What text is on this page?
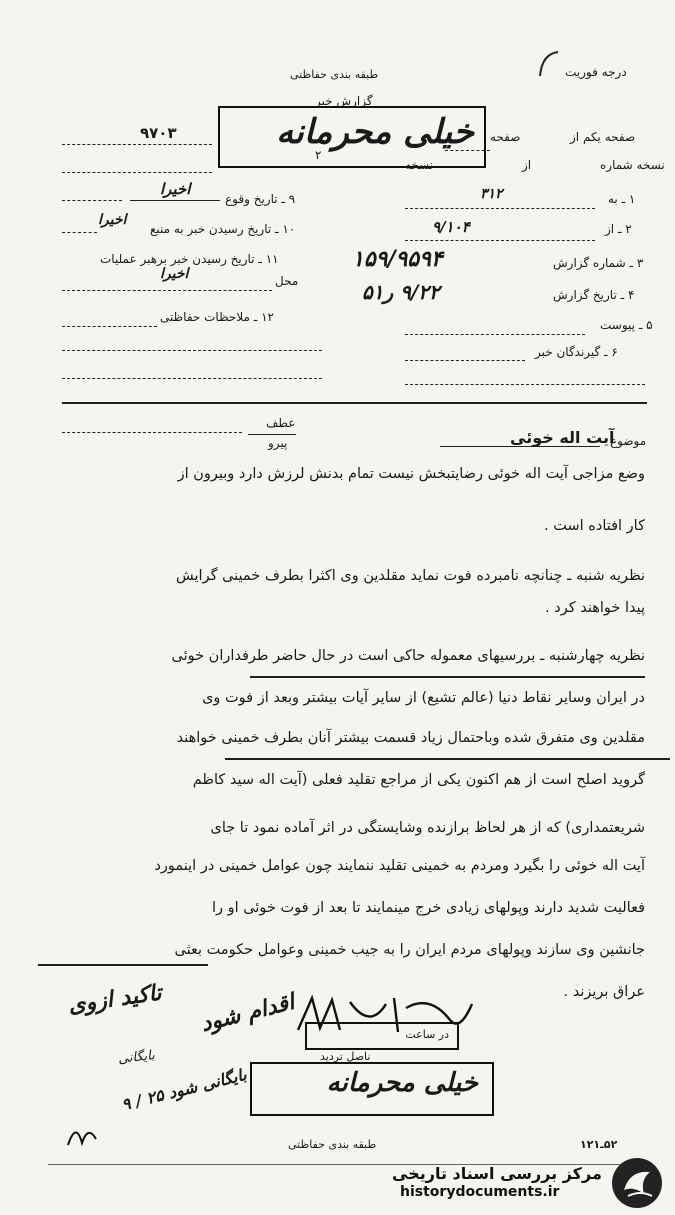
درجه فوریت
طبقه بندی حفاظتی
گزارش خبر
خیلی محرمانه	صفحه یکم از
صفحه
نسخه شماره
از
نسخه
۲
۹۷۰۳
۱ ـ به
۳۱۲
۲ ـ از
۹/۱۰۴
۳ ـ شماره گزارش
۱۵۹/۹۵۹۴
۴ ـ تاریخ گزارش
۹/۲۲ ر۵۱
۵ ـ پیوست
۶ ـ گیرندگان خبر
۹ ـ تاریخ وقوع
اخیرا
۱۰ ـ تاریخ رسیدن خبر به منبع
اخیرا
۱۱ ـ تاریخ رسیدن خبر برهبر عملیات
محل
اخیرا
۱۲ ـ ملاحظات حفاظتی
عطف
پیرو	موضوع
آیت اله خوئی
وضع مزاجی آیت اله خوئی رضایتبخش نیست تمام بدنش لرزش دارد وبیرون از
کار افتاده است .
نظریه شنبه ـ چنانچه نامبرده فوت نماید مقلدین وی اکثرا بطرف خمینی گرایش
پیدا خواهند کرد .
نظریه چهارشنبه ـ بررسیهای معموله حاکی است در حال حاضر طرفداران خوئی
در ایران وسایر نقاط دنیا (عالم تشیع) از سایر آیات بیشتر وبعد از فوت وی
مقلدین وی متفرق شده وباحتمال زیاد قسمت بیشتر آنان بطرف خمینی خواهند
گروید اصلح است از هم اکنون یکی از مراجع تقلید فعلی (آیت اله سید کاظم
شریعتمداری) که از هر لحاظ برازنده وشایستگی در اثر آماده نمود تا جای
آیت اله خوئی را بگیرد ومردم به خمینی تقلید ننمایند چون عوامل خمینی در اینمورد
فعالیت شدید دارند وپولهای زیادی خرج مینمایند تا بعد از فوت خوئی او را
جانشین وی سازند وپولهای مردم ایران را به جیب خمینی وعوامل حکومت بعثی
عراق بریزند .
تاکید ازوی اقدام شود
بایگانی
در ساعت
ناصل تردید
خیلی محرمانه
بایگانی شود ۲۵ / ۹
طبقه بندی حفاظتی	۵۲ـ۱۲۱
مرکز بررسی اسناد تاریخی
historydocuments.ir
